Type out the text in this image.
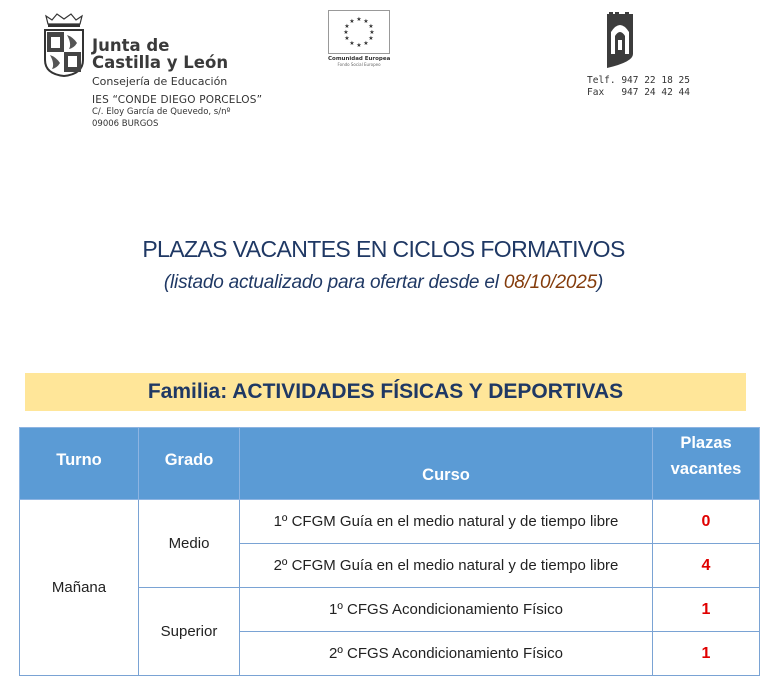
Junta de
Castilla y León
Consejería de Educación
IES “CONDE DIEGO PORCELOS”
C/. Eloy García de Quevedo, s/nº
09006 BURGOS
★ ★
★
★
★
★
★
★
★
★
★
★
Comunidad Europea
Fondo Social Europeo
Telf. 947 22 18 25
Fax   947 24 42 44
PLAZAS VACANTES EN CICLOS FORMATIVOS
(listado actualizado para ofertar desde el 08/10/2025)
Familia: ACTIVIDADES FÍSICAS Y DEPORTIVAS
Turno	Grado	Curso	Plazas
vacantes

Mañana	Medio	1º CFGM Guía en el medio natural y de tiempo libre	0
		2º CFGM Guía en el medio natural y de tiempo libre	4
	Superior	1º CFGS Acondicionamiento Físico	1
		2º CFGS Acondicionamiento Físico	1
